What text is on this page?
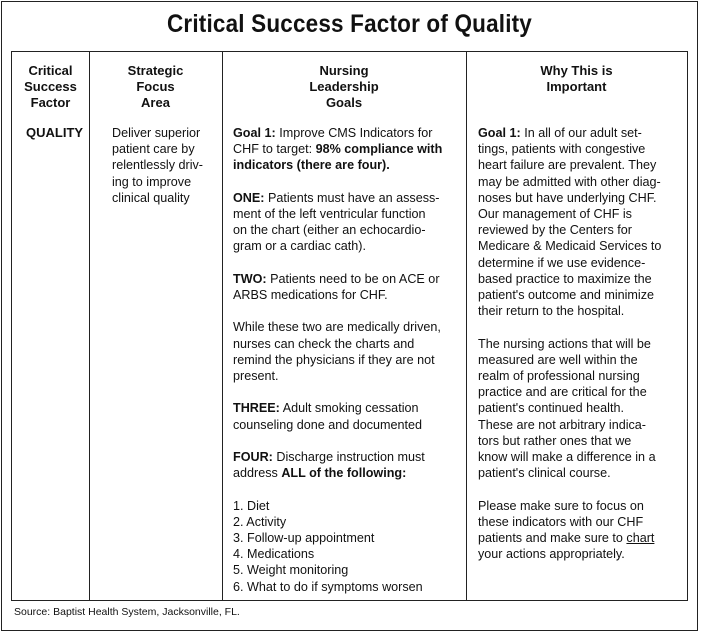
Critical Success Factor of Quality
Critical
Success
Factor
Strategic
Focus
Area
Nursing
Leadership
Goals
Why This is
Important
QUALITY Deliver superior
patient care by
relentlessly driv-
ing to improve
clinical quality

Goal 1: Improve CMS Indicators for
CHF to target: 98% compliance with
indicators (there are four).

ONE: Patients must have an assess-
ment of the left ventricular function
on the chart (either an echocardio-
gram or a cardiac cath).

TWO: Patients need to be on ACE or
ARBS medications for CHF.

While these two are medically driven,
nurses can check the charts and
remind the physicians if they are not
present.

THREE: Adult smoking cessation
counseling done and documented

FOUR: Discharge instruction must
address ALL of the following:

1. Diet
2. Activity
3. Follow-up appointment
4. Medications
5. Weight monitoring
6. What to do if symptoms worsen

Goal 1: In all of our adult set-
tings, patients with congestive
heart failure are prevalent. They
may be admitted with other diag-
noses but have underlying CHF.
Our management of CHF is
reviewed by the Centers for
Medicare & Medicaid Services to
determine if we use evidence-
based practice to maximize the
patient's outcome and minimize
their return to the hospital.

The nursing actions that will be
measured are well within the
realm of professional nursing
practice and are critical for the
patient's continued health.
These are not arbitrary indica-
tors but rather ones that we
know will make a difference in a
patient's clinical course.

Please make sure to focus on
these indicators with our CHF
patients and make sure to chart
your actions appropriately.

Source: Baptist Health System, Jacksonville, FL.
